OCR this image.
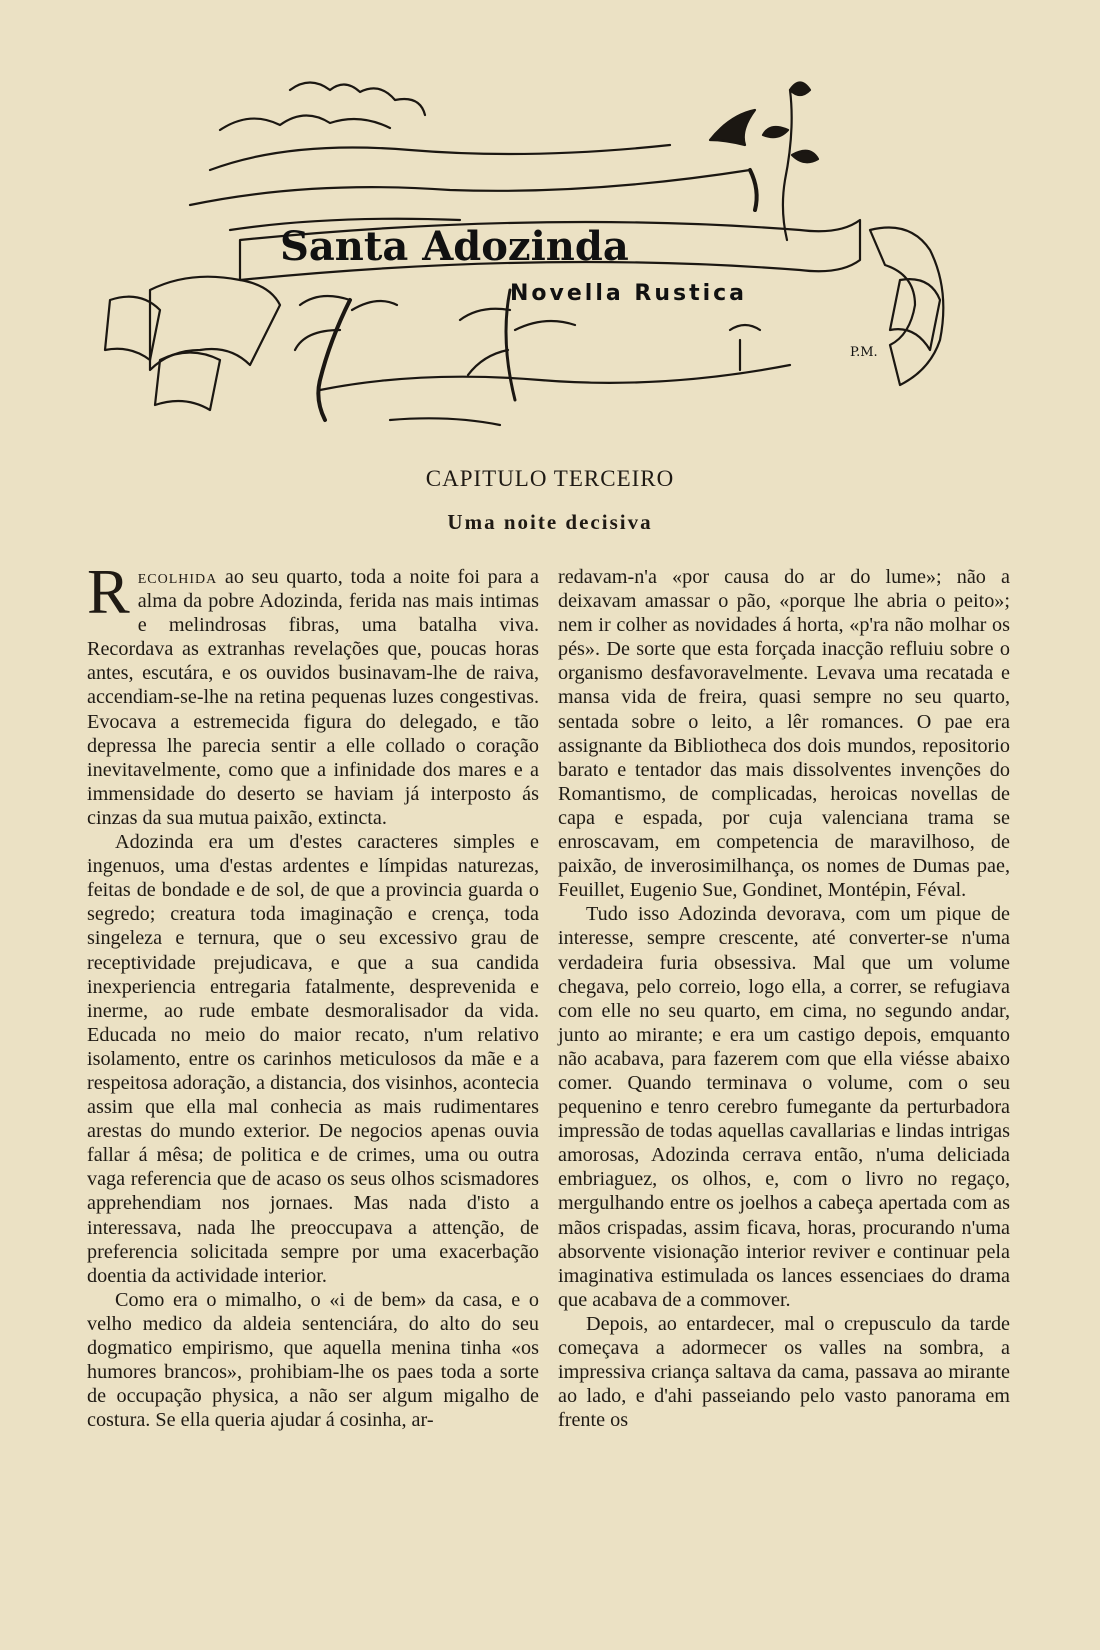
Santa Adozinda
Novella Rustica
P.M.
CAPITULO TERCEIRO
Uma noite decisiva

Recolhida ao seu quarto, toda a noite foi para a alma da pobre Adozinda, ferida nas mais intimas e melindrosas fibras, uma batalha viva. Recordava as extranhas revelações que, poucas horas antes, escutára, e os ouvidos businavam-lhe de raiva, accendiam-se-lhe na retina pequenas luzes congestivas. Evocava a estremecida figura do delegado, e tão depressa lhe parecia sentir a elle collado o coração inevitavelmente, como que a infinidade dos mares e a immensidade do deserto se haviam já interposto ás cinzas da sua mutua paixão, extincta.

Adozinda era um d'estes caracteres simples e ingenuos, uma d'estas ardentes e límpidas naturezas, feitas de bondade e de sol, de que a provincia guarda o segredo; creatura toda imaginação e crença, toda singeleza e ternura, que o seu excessivo grau de receptividade prejudicava, e que a sua candida inexperiencia entregaria fatalmente, desprevenida e inerme, ao rude embate desmoralisador da vida. Educada no meio do maior recato, n'um relativo isolamento, entre os carinhos meticulosos da mãe e a respeitosa adoração, a distancia, dos visinhos, acontecia assim que ella mal conhecia as mais rudimentares arestas do mundo exterior. De negocios apenas ouvia fallar á mêsa; de politica e de crimes, uma ou outra vaga referencia que de acaso os seus olhos scismadores apprehendiam nos jornaes. Mas nada d'isto a interessava, nada lhe preoccupava a attenção, de preferencia solicitada sempre por uma exacerbação doentia da actividade interior.

Como era o mimalho, o «i de bem» da casa, e o velho medico da aldeia sentenciára, do alto do seu dogmatico empirismo, que aquella menina tinha «os humores brancos», prohibiam-lhe os paes toda a sorte de occupação physica, a não ser algum migalho de costura. Se ella queria ajudar á cosinha, ar-

redavam-n'a «por causa do ar do lume»; não a deixavam amassar o pão, «porque lhe abria o peito»; nem ir colher as novidades á horta, «p'ra não molhar os pés». De sorte que esta forçada inacção refluiu sobre o organismo desfavoravelmente. Levava uma recatada e mansa vida de freira, quasi sempre no seu quarto, sentada sobre o leito, a lêr romances. O pae era assignante da Bibliotheca dos dois mundos, repositorio barato e tentador das mais dissolventes invenções do Romantismo, de complicadas, heroicas novellas de capa e espada, por cuja valenciana trama se enroscavam, em competencia de maravilhoso, de paixão, de inverosimilhança, os nomes de Dumas pae, Feuillet, Eugenio Sue, Gondinet, Montépin, Féval.

Tudo isso Adozinda devorava, com um pique de interesse, sempre crescente, até converter-se n'uma verdadeira furia obsessiva. Mal que um volume chegava, pelo correio, logo ella, a correr, se refugiava com elle no seu quarto, em cima, no segundo andar, junto ao mirante; e era um castigo depois, emquanto não acabava, para fazerem com que ella viésse abaixo comer. Quando terminava o volume, com o seu pequenino e tenro cerebro fumegante da perturbadora impressão de todas aquellas cavallarias e lindas intrigas amorosas, Adozinda cerrava então, n'uma deliciada embriaguez, os olhos, e, com o livro no regaço, mergulhando entre os joelhos a cabeça apertada com as mãos crispadas, assim ficava, horas, procurando n'uma absorvente visionação interior reviver e continuar pela imaginativa estimulada os lances essenciaes do drama que acabava de a commover.

Depois, ao entardecer, mal o crepusculo da tarde começava a adormecer os valles na sombra, a impressiva criança saltava da cama, passava ao mirante ao lado, e d'ahi passeiando pelo vasto panorama em frente os
